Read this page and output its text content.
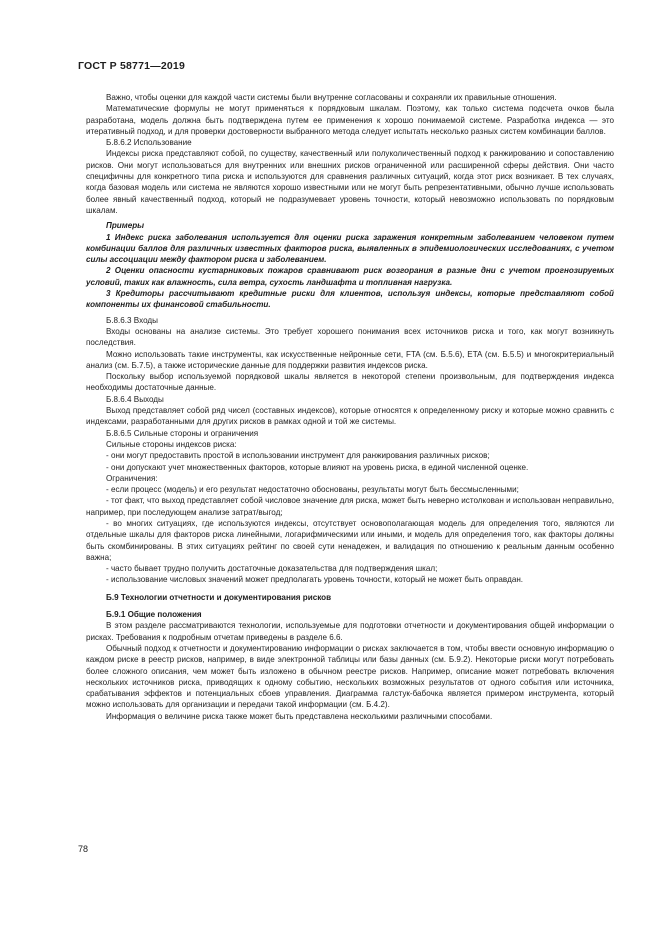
ГОСТ Р 58771—2019

Важно, чтобы оценки для каждой части системы были внутренне согласованы и сохраняли их правильные отношения.

Математические формулы не могут применяться к порядковым шкалам. Поэтому, как только система подсчета очков была разработана, модель должна быть подтверждена путем ее применения к хорошо понимаемой системе. Разработка индекса — это итеративный подход, и для проверки достоверности выбранного метода следует испытать несколько разных систем комбинации баллов.

Б.8.6.2 Использование

Индексы риска представляют собой, по существу, качественный или полуколичественный подход к ранжированию и сопоставлению рисков. Они могут использоваться для внутренних или внешних рисков ограниченной или расширенной сферы действия. Они часто специфичны для конкретного типа риска и используются для сравнения различных ситуаций, когда этот риск возникает. В тех случаях, когда базовая модель или система не являются хорошо известными или не могут быть репрезентативными, обычно лучше использовать более явный качественный подход, который не подразумевает уровень точности, который невозможно использовать по порядковым шкалам.

Примеры

1 Индекс риска заболевания используется для оценки риска заражения конкретным заболеванием человеком путем комбинации баллов для различных известных факторов риска, выявленных в эпидемиологических исследованиях, с учетом силы ассоциации между фактором риска и заболеванием.

2 Оценки опасности кустарниковых пожаров сравнивают риск возгорания в разные дни с учетом прогнозируемых условий, таких как влажность, сила ветра, сухость ландшафта и топливная нагрузка.

3 Кредиторы рассчитывают кредитные риски для клиентов, используя индексы, которые представляют собой компоненты их финансовой стабильности.

Б.8.6.3 Входы

Входы основаны на анализе системы. Это требует хорошего понимания всех источников риска и того, как могут возникнуть последствия.

Можно использовать такие инструменты, как искусственные нейронные сети, FTA (см. Б.5.6), ETA (см. Б.5.5) и многокритериальный анализ (см. Б.7.5), а также исторические данные для поддержки развития индексов риска.

Поскольку выбор используемой порядковой шкалы является в некоторой степени произвольным, для подтверждения индекса необходимы достаточные данные.

Б.8.6.4 Выходы

Выход представляет собой ряд чисел (составных индексов), которые относятся к определенному риску и которые можно сравнить с индексами, разработанными для других рисков в рамках одной и той же системы.

Б.8.6.5 Сильные стороны и ограничения

Сильные стороны индексов риска:

- они могут предоставить простой в использовании инструмент для ранжирования различных рисков;

- они допускают учет множественных факторов, которые влияют на уровень риска, в единой численной оценке.

Ограничения:

- если процесс (модель) и его результат недостаточно обоснованы, результаты могут быть бессмысленными;

- тот факт, что выход представляет собой числовое значение для риска, может быть неверно истолкован и использован неправильно, например, при последующем анализе затрат/выгод;

- во многих ситуациях, где используются индексы, отсутствует основополагающая модель для определения того, являются ли отдельные шкалы для факторов риска линейными, логарифмическими или иными, и модель для определения того, как факторы должны быть скомбинированы. В этих ситуациях рейтинг по своей сути ненадежен, и валидация по отношению к реальным данным особенно важна;

- часто бывает трудно получить достаточные доказательства для подтверждения шкал;

- использование числовых значений может предполагать уровень точности, который не может быть оправдан.

Б.9 Технологии отчетности и документирования рисков

Б.9.1 Общие положения

В этом разделе рассматриваются технологии, используемые для подготовки отчетности и документирования общей информации о рисках. Требования к подробным отчетам приведены в разделе 6.6.

Обычный подход к отчетности и документированию информации о рисках заключается в том, чтобы ввести основную информацию о каждом риске в реестр рисков, например, в виде электронной таблицы или базы данных (см. Б.9.2). Некоторые риски могут потребовать более сложного описания, чем может быть изложено в обычном реестре рисков. Например, описание может потребовать включения нескольких источников риска, приводящих к одному событию, нескольких возможных результатов от одного события или источника, срабатывания эффектов и потенциальных сбоев управления. Диаграмма галстук-бабочка является примером инструмента, который можно использовать для организации и передачи такой информации (см. Б.4.2).

Информация о величине риска также может быть представлена несколькими различными способами.

78
